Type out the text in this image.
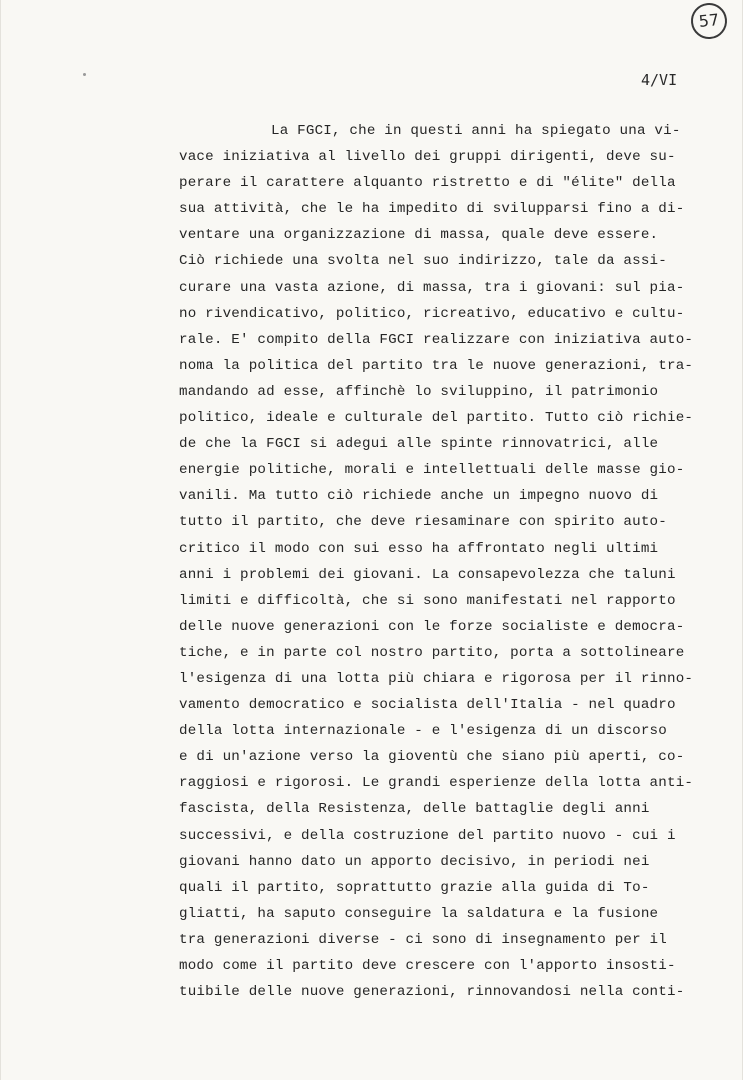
57
4/VI
La FGCI, che in questi anni ha spiegato una vi-
vace iniziativa al livello dei gruppi dirigenti, deve su-
perare il carattere alquanto ristretto e di "élite" della
sua attività, che le ha impedito di svilupparsi fino a di-
ventare una organizzazione di massa, quale deve essere.
Ciò richiede una svolta nel suo indirizzo, tale da assi-
curare una vasta azione, di massa, tra i giovani: sul pia-
no rivendicativo, politico, ricreativo, educativo e cultu-
rale. E' compito della FGCI realizzare con iniziativa auto-
noma la politica del partito tra le nuove generazioni, tra-
mandando ad esse, affinchè lo sviluppino, il patrimonio
politico, ideale e culturale del partito. Tutto ciò richie-
de che la FGCI si adegui alle spinte rinnovatrici, alle
energie politiche, morali e intellettuali delle masse gio-
vanili. Ma tutto ciò richiede anche un impegno nuovo di
tutto il partito, che deve riesaminare con spirito auto-
critico il modo con sui esso ha affrontato negli ultimi
anni i problemi dei giovani. La consapevolezza che taluni
limiti e difficoltà, che si sono manifestati nel rapporto
delle nuove generazioni con le forze socialiste e democra-
tiche, e in parte col nostro partito, porta a sottolineare
l'esigenza di una lotta più chiara e rigorosa per il rinno-
vamento democratico e socialista dell'Italia - nel quadro
della lotta internazionale - e l'esigenza di un discorso
e di un'azione verso la gioventù che siano più aperti, co-
raggiosi e rigorosi. Le grandi esperienze della lotta anti-
fascista, della Resistenza, delle battaglie degli anni
successivi, e della costruzione del partito nuovo - cui i
giovani hanno dato un apporto decisivo, in periodi nei
quali il partito, soprattutto grazie alla guida di To-
gliatti, ha saputo conseguire la saldatura e la fusione
tra generazioni diverse - ci sono di insegnamento per il
modo come il partito deve crescere con l'apporto insosti-
tuibile delle nuove generazioni, rinnovandosi nella conti-
